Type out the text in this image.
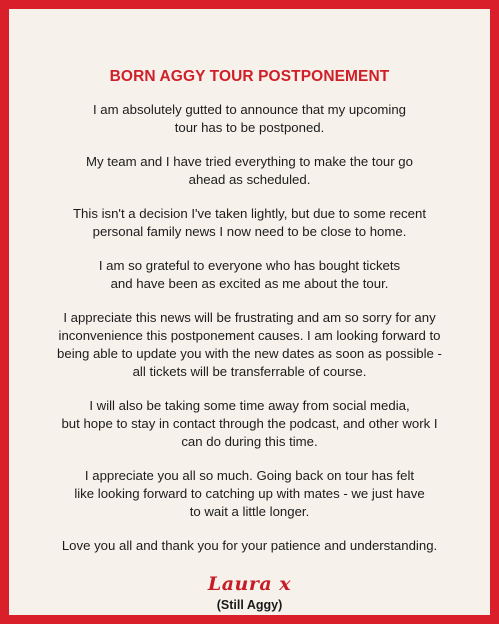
BORN AGGY TOUR POSTPONEMENT

I am absolutely gutted to announce that my upcoming
tour has to be postponed.

My team and I have tried everything to make the tour go
ahead as scheduled.

This isn't a decision I've taken lightly, but due to some recent
personal family news I now need to be close to home.

I am so grateful to everyone who has bought tickets
and have been as excited as me about the tour.

I appreciate this news will be frustrating and am so sorry for any
inconvenience this postponement causes. I am looking forward to
being able to update you with the new dates as soon as possible -
all tickets will be transferrable of course.

I will also be taking some time away from social media,
but hope to stay in contact through the podcast, and other work I
can do during this time.

I appreciate you all so much. Going back on tour has felt
like looking forward to catching up with mates - we just have
to wait a little longer.

Love you all and thank you for your patience and understanding.

Laura x
(Still Aggy)
